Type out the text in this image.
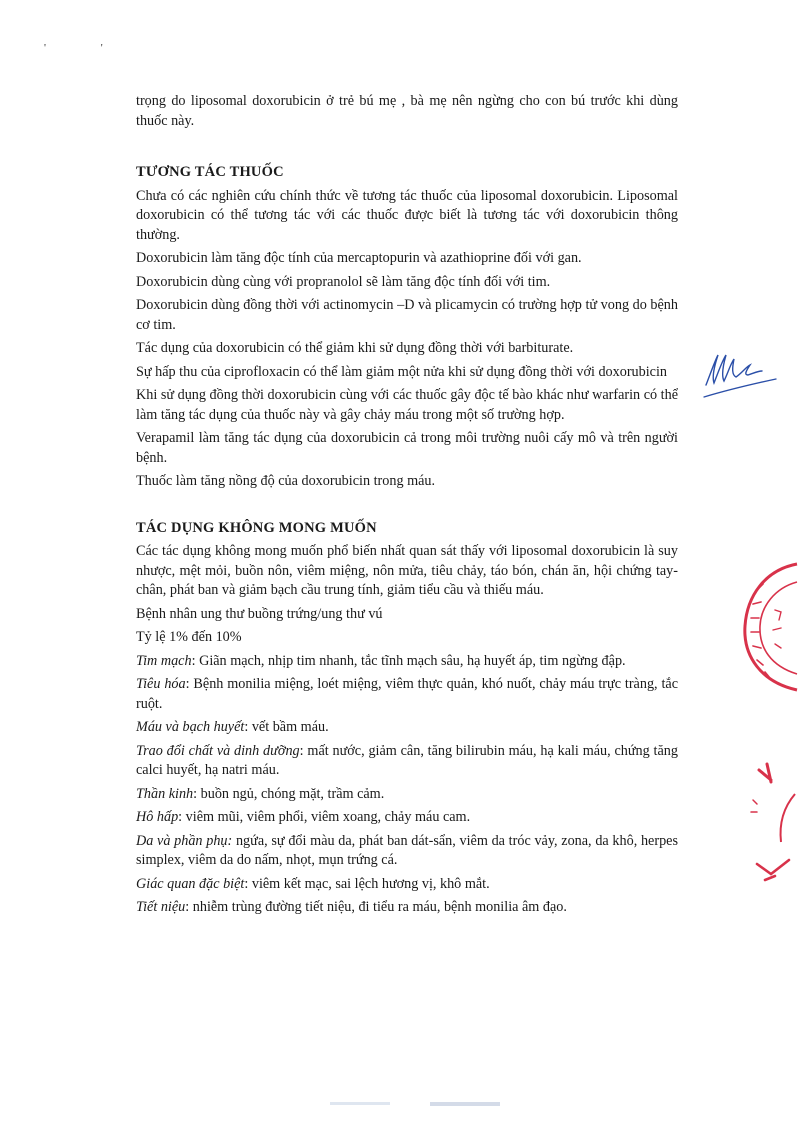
' '

trọng do liposomal doxorubicin ở trẻ bú mẹ , bà mẹ nên ngừng cho con bú trước khi dùng thuốc này.

TƯƠNG TÁC THUỐC

Chưa có các nghiên cứu chính thức về tương tác thuốc của liposomal doxorubicin. Liposomal doxorubicin có thể tương tác với các thuốc được biết là tương tác với doxorubicin thông thường.

Doxorubicin làm tăng độc tính của mercaptopurin và azathioprine đối với gan.

Doxorubicin dùng cùng với propranolol sẽ làm tăng độc tính đối với tim.

Doxorubicin dùng đồng thời với actinomycin –D và plicamycin có trường hợp tử vong do bệnh cơ tim.

Tác dụng của doxorubicin có thể giảm khi sử dụng đồng thời với barbiturate.

Sự hấp thu của ciprofloxacin có thể làm giảm một nửa khi sử dụng đồng thời với doxorubicin

Khi sử dụng đồng thời doxorubicin cùng với các thuốc gây độc tế bào khác như warfarin có thể làm tăng tác dụng của thuốc này và gây chảy máu trong một số trường hợp.

Verapamil làm tăng tác dụng của doxorubicin cả trong môi trường nuôi cấy mô và trên người bệnh.

Thuốc làm tăng nồng độ của doxorubicin trong máu.

TÁC DỤNG KHÔNG MONG MUỐN

Các tác dụng không mong muốn phổ biến nhất quan sát thấy với liposomal doxorubicin là suy nhược, mệt mỏi, buồn nôn, viêm miệng, nôn mửa, tiêu chảy, táo bón, chán ăn, hội chứng tay-chân, phát ban và giảm bạch cầu trung tính, giảm tiểu cầu và thiếu máu.

Bệnh nhân ung thư buồng trứng/ung thư vú

Tỷ lệ 1% đến 10%

Tim mạch: Giãn mạch, nhịp tim nhanh, tắc tĩnh mạch sâu, hạ huyết áp, tim ngừng đập.

Tiêu hóa: Bệnh monilia miệng, loét miệng, viêm thực quản, khó nuốt, chảy máu trực tràng, tắc ruột.

Máu và bạch huyết: vết bầm máu.

Trao đổi chất và dinh dưỡng: mất nước, giảm cân, tăng bilirubin máu, hạ kali máu, chứng tăng calci huyết, hạ natri máu.

Thần kinh: buồn ngủ, chóng mặt, trầm cảm.

Hô hấp: viêm mũi, viêm phổi, viêm xoang, chảy máu cam.

Da và phần phụ: ngứa, sự đổi màu da, phát ban dát-sẩn, viêm da tróc vảy, zona, da khô, herpes simplex, viêm da do nấm, nhọt, mụn trứng cá.

Giác quan đặc biệt: viêm kết mạc, sai lệch hương vị, khô mắt.

Tiết niệu: nhiễm trùng đường tiết niệu, đi tiểu ra máu, bệnh monilia âm đạo.
